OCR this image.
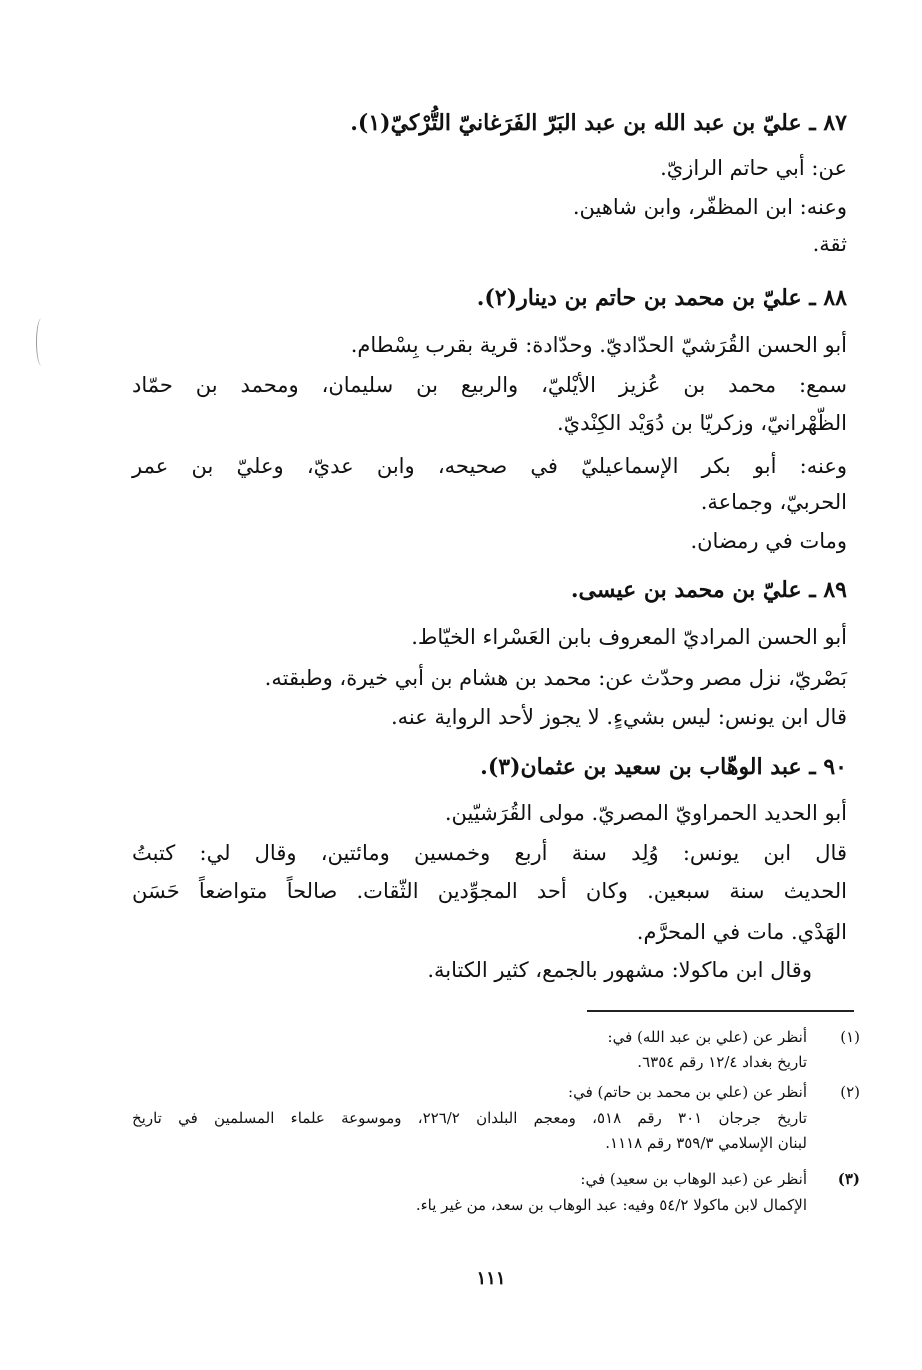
٨٧ ـ عليّ بن عبد الله بن عبد البَرّ الفَرَغانيّ التُّرْكيّ(١).
عن: أبي حاتم الرازيّ.
وعنه: ابن المظفّر، وابن شاهين.
ثقة.
٨٨ ـ عليّ بن محمد بن حاتم بن دينار(٢).
أبو الحسن القُرَشيّ الحدّاديّ. وحدّادة: قرية بقرب بِسْطام.
سمع: محمد بن عُزيز الأيْليّ، والربيع بن سليمان، ومحمد بن حمّاد
الظّهْرانيّ، وزكريّا بن دُوَيْد الكِنْديّ.
وعنه: أبو بكر الإسماعيليّ في صحيحه، وابن عديّ، وعليّ بن عمر
الحربيّ، وجماعة.
ومات في رمضان.
٨٩ ـ عليّ بن محمد بن عيسى.
أبو الحسن المراديّ المعروف بابن العَسْراء الخيّاط.
بَصْريّ، نزل مصر وحدّث عن: محمد بن هشام بن أبي خيرة، وطبقته.
قال ابن يونس: ليس بشيءٍ. لا يجوز لأحد الرواية عنه.
٩٠ ـ عبد الوهّاب بن سعيد بن عثمان(٣).
أبو الحديد الحمراويّ المصريّ. مولى القُرَشيّين.
قال ابن يونس: وُلِد سنة أربع وخمسين ومائتين، وقال لي: كتبتُ
الحديث سنة سبعين. وكان أحد المجوِّدين الثّقات. صالحاً متواضعاً حَسَن
الهَدْي. مات في المحرَّم.
وقال ابن ماكولا: مشهور بالجمع، كثير الكتابة.
(١)
أنظر عن (علي بن عبد الله) في:
تاريخ بغداد ١٢/٤ رقم ٦٣٥٤.
(٢)
أنظر عن (علي بن محمد بن حاتم) في:
تاريخ جرجان ٣٠١ رقم ٥١٨، ومعجم البلدان ٢٢٦/٢، وموسوعة علماء المسلمين في تاريخ
لبنان الإسلامي ٣٥٩/٣ رقم ١١١٨.
(٣)
أنظر عن (عبد الوهاب بن سعيد) في:
الإكمال لابن ماكولا ٥٤/٢ وفيه: عبد الوهاب بن سعد، من غير ياء.
١١١
